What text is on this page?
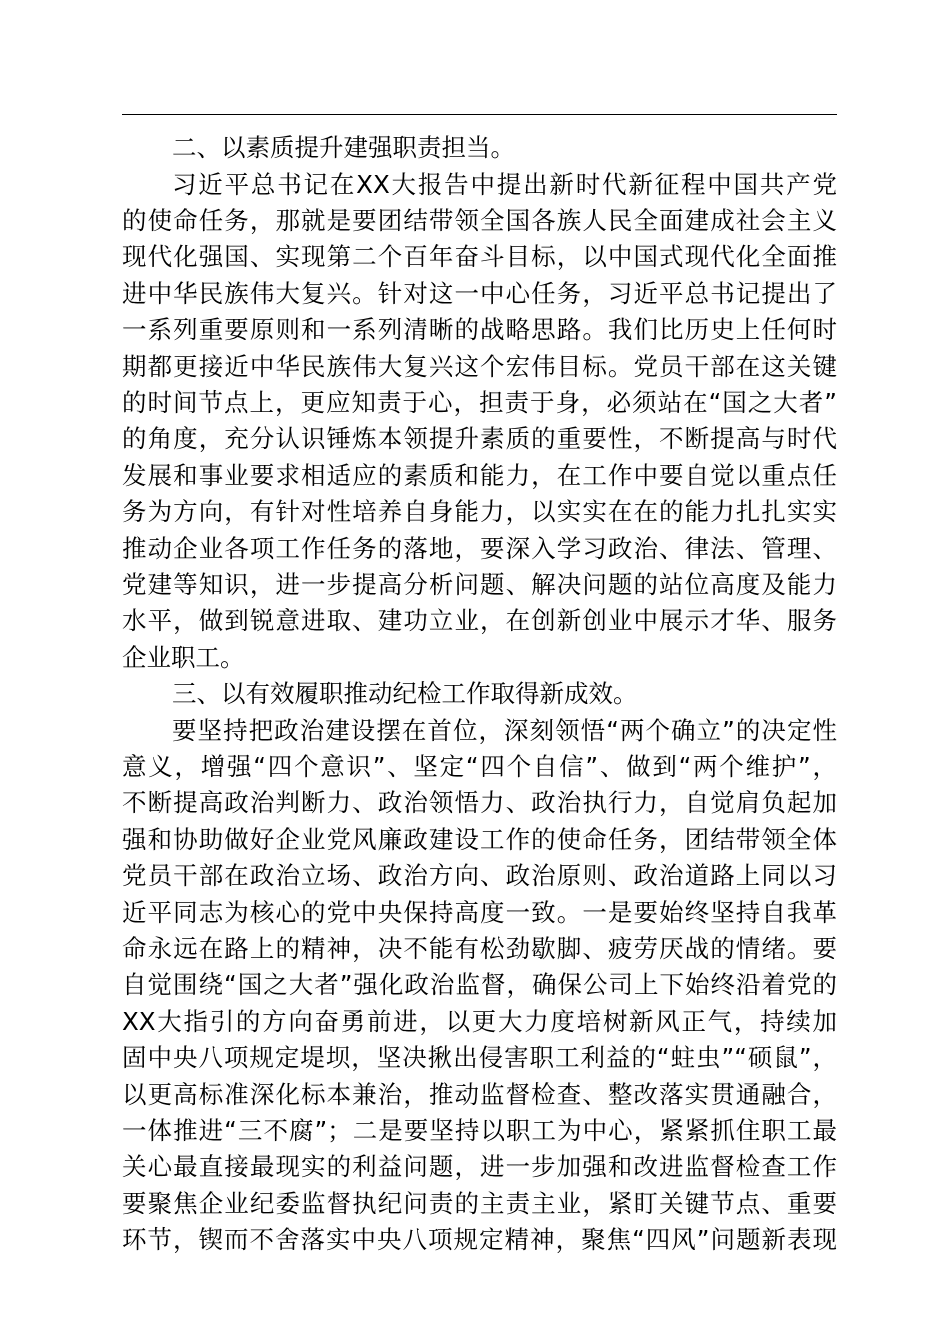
二、以素质提升建强职责担当。
习近平总书记在XX大报告中提出新时代新征程中国共产党
的使命任务，那就是要团结带领全国各族人民全面建成社会主义
现代化强国、实现第二个百年奋斗目标，以中国式现代化全面推
进中华民族伟大复兴。针对这一中心任务，习近平总书记提出了
一系列重要原则和一系列清晰的战略思路。我们比历史上任何时
期都更接近中华民族伟大复兴这个宏伟目标。党员干部在这关键
的时间节点上，更应知责于心，担责于身，必须站在“国之大者”
的角度，充分认识锤炼本领提升素质的重要性，不断提高与时代
发展和事业要求相适应的素质和能力，在工作中要自觉以重点任
务为方向，有针对性培养自身能力，以实实在在的能力扎扎实实
推动企业各项工作任务的落地，要深入学习政治、律法、管理、
党建等知识，进一步提高分析问题、解决问题的站位高度及能力
水平，做到锐意进取、建功立业，在创新创业中展示才华、服务
企业职工。
三、以有效履职推动纪检工作取得新成效。
要坚持把政治建设摆在首位，深刻领悟“两个确立”的决定性
意义，增强“四个意识”、坚定“四个自信”、做到“两个维护”，
不断提高政治判断力、政治领悟力、政治执行力，自觉肩负起加
强和协助做好企业党风廉政建设工作的使命任务，团结带领全体
党员干部在政治立场、政治方向、政治原则、政治道路上同以习
近平同志为核心的党中央保持高度一致。一是要始终坚持自我革
命永远在路上的精神，决不能有松劲歇脚、疲劳厌战的情绪。要
自觉围绕“国之大者”强化政治监督，确保公司上下始终沿着党的
XX大指引的方向奋勇前进，以更大力度培树新风正气，持续加
固中央八项规定堤坝，坚决揪出侵害职工利益的“蛀虫”“硕鼠”，
以更高标准深化标本兼治，推动监督检查、整改落实贯通融合，
一体推进“三不腐”；二是要坚持以职工为中心，紧紧抓住职工最
关心最直接最现实的利益问题，进一步加强和改进监督检查工作
要聚焦企业纪委监督执纪问责的主责主业，紧盯关键节点、重要
环节，锲而不舍落实中央八项规定精神，聚焦“四风”问题新表现
